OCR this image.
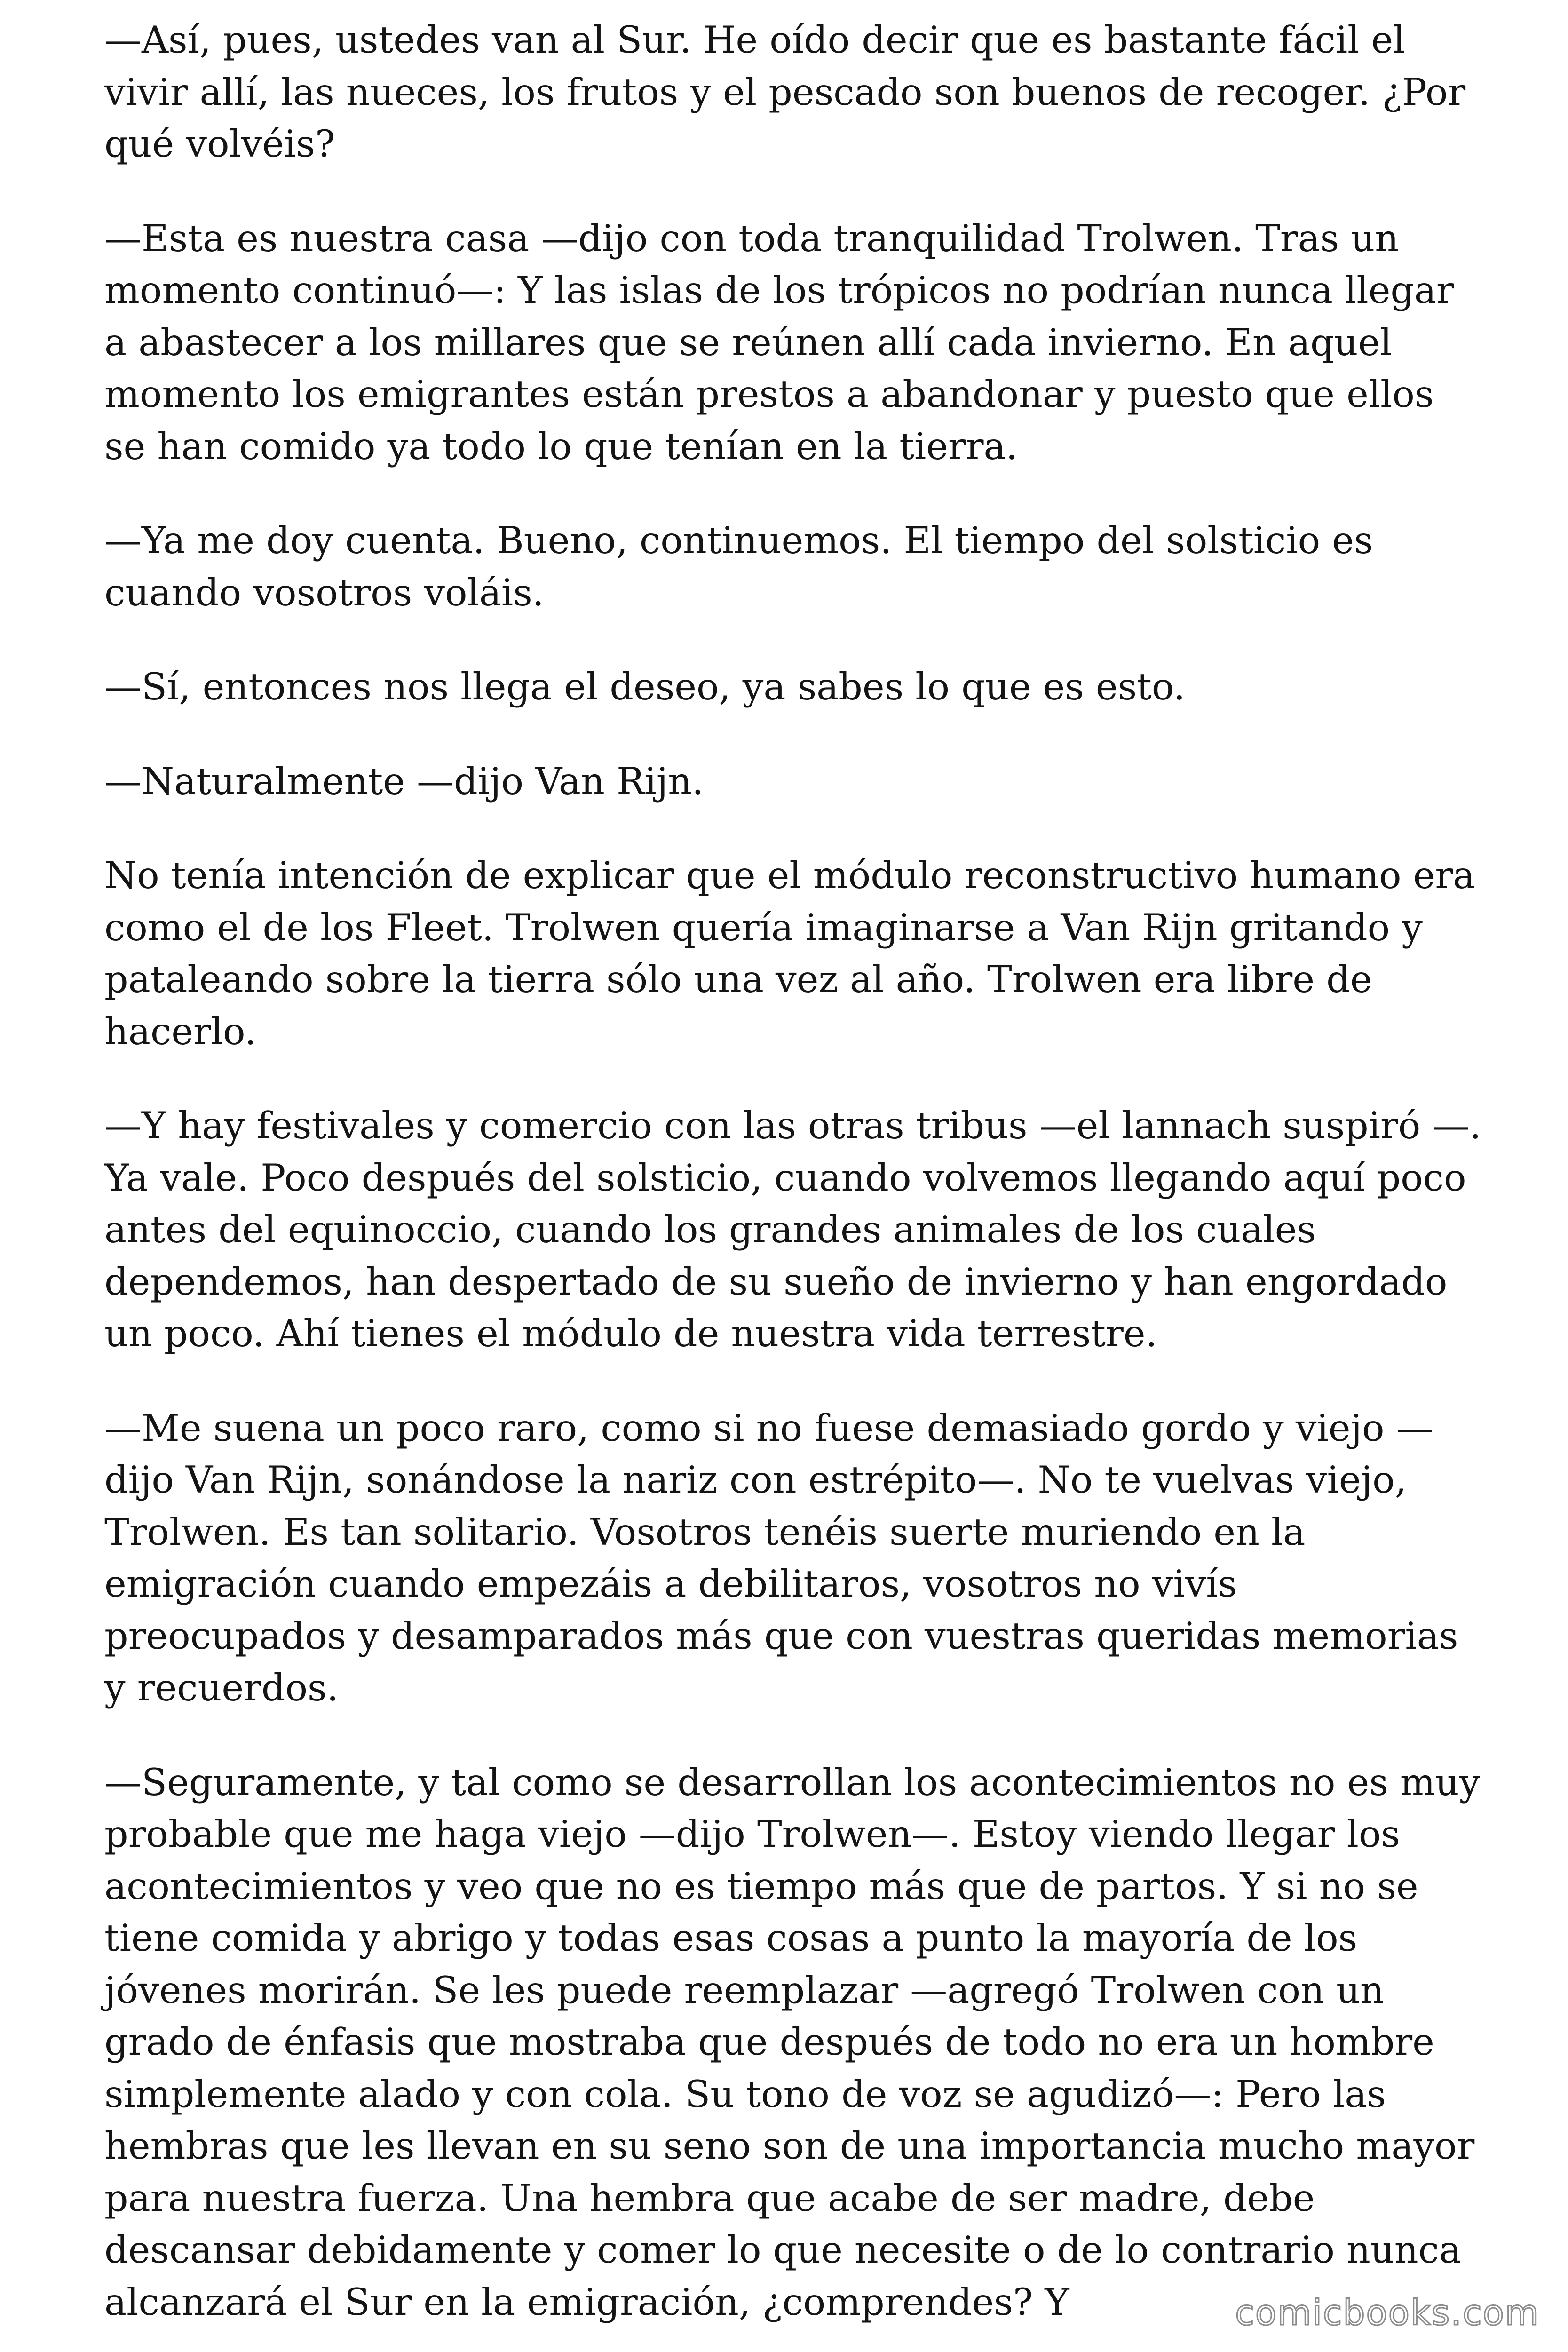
—Así, pues, ustedes van al Sur. He oído decir que es bastante fácil el vivir allí, las nueces, los frutos y el pescado son buenos de recoger. ¿Por qué volvéis?

—Esta es nuestra casa —dijo con toda tranquilidad Trolwen. Tras un momento continuó—: Y las islas de los trópicos no podrían nunca llegar a abastecer a los millares que se reúnen allí cada invierno. En aquel momento los emigrantes están prestos a abandonar y puesto que ellos se han comido ya todo lo que tenían en la tierra.

—Ya me doy cuenta. Bueno, continuemos. El tiempo del solsticio es cuando vosotros voláis.

—Sí, entonces nos llega el deseo, ya sabes lo que es esto.

—Naturalmente —dijo Van Rijn.

No tenía intención de explicar que el módulo reconstructivo humano era como el de los Fleet. Trolwen quería imaginarse a Van Rijn gritando y pataleando sobre la tierra sólo una vez al año. Trolwen era libre de hacerlo.

—Y hay festivales y comercio con las otras tribus —el lannach suspiró —. Ya vale. Poco después del solsticio, cuando volvemos llegando aquí poco antes del equinoccio, cuando los grandes animales de los cuales dependemos, han despertado de su sueño de invierno y han engordado un poco. Ahí tienes el módulo de nuestra vida terrestre.

—Me suena un poco raro, como si no fuese demasiado gordo y viejo —dijo Van Rijn, sonándose la nariz con estrépito—. No te vuelvas viejo, Trolwen. Es tan solitario. Vosotros tenéis suerte muriendo en la emigración cuando empezáis a debilitaros, vosotros no vivís preocupados y desamparados más que con vuestras queridas memorias y recuerdos.

—Seguramente, y tal como se desarrollan los acontecimientos no es muy probable que me haga viejo —dijo Trolwen—. Estoy viendo llegar los acontecimientos y veo que no es tiempo más que de partos. Y si no se tiene comida y abrigo y todas esas cosas a punto la mayoría de los jóvenes morirán. Se les puede reemplazar —agregó Trolwen con un grado de énfasis que mostraba que después de todo no era un hombre simplemente alado y con cola. Su tono de voz se agudizó—: Pero las hembras que les llevan en su seno son de una importancia mucho mayor para nuestra fuerza. Una hembra que acabe de ser madre, debe descansar debidamente y comer lo que necesite o de lo contrario nunca alcanzará el Sur en la emigración, ¿comprendes? Y	comicbooks.com
